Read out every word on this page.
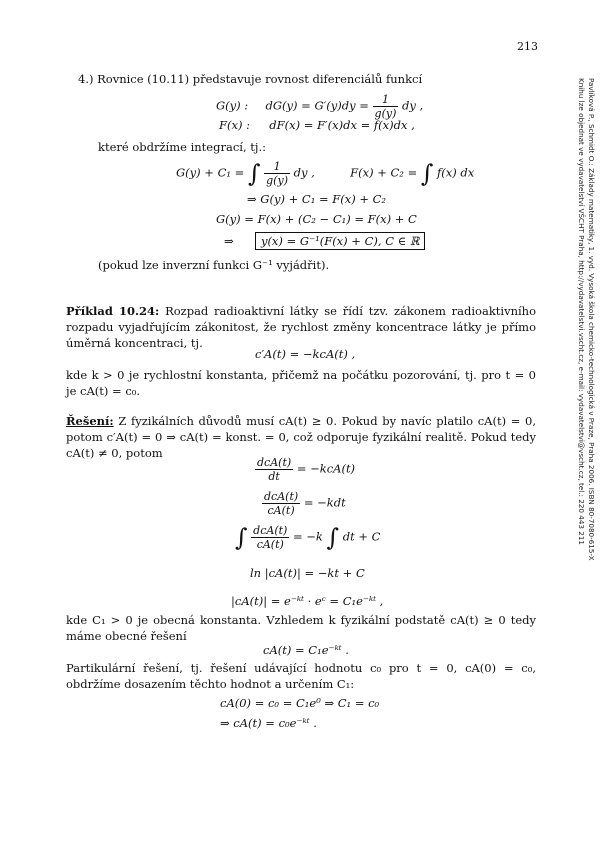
213
Pavlíková P., Schmidt O.: Základy matematiky, 1. vyd. Vysoká škola chemicko-technologická v Praze, Praha 2006. ISBN 80-7080-615-X
Knihu lze objednat ve vydavatelství VŠCHT Praha, http://vydavatelstvi.vscht.cz, e-mail: vydavatelstvi@vscht.cz, tel.: 220 443 211
4.) Rovnice (10.11) představuje rovnost diferenciálů funkcí
G(y) : $dG(y) = G'(y)dy = \frac{1}{g(y)}$ dy ,
F(x) : dF(x) = F′(x)dx = f(x)dx ,
které obdržíme integrací, tj.:
G(y) + C₁ = ∫ $\frac{1}{g(y)}$ dy ,	F(x) + C₂ = ∫ f(x) dx
⇒ G(y) + C₁ = F(x) + C₂
G(y) = F(x) + (C₂ − C₁) = F(x) + C
⇒ y(x) = G⁻¹(F(x) + C), C ∈ ℝ
(pokud lze inverzní funkci G⁻¹ vyjádřit).
Příklad 10.24: Rozpad radioaktivní látky se řídí tzv. zákonem radioaktivního rozpadu vyjadřujícím zákonitost, že rychlost změny koncentrace látky je přímo úměrná koncentraci, tj.
c′A(t) = −kcA(t) ,
kde k > 0 je rychlostní konstanta, přičemž na počátku pozorování, tj. pro t = 0 je cA(t) = c₀.
Řešení: Z fyzikálních důvodů musí cA(t) ≥ 0. Pokud by navíc platilo cA(t) = 0, potom c′A(t) = 0 ⇒ cA(t) = konst. = 0, což odporuje fyzikální realitě. Pokud tedy cA(t) ≠ 0, potom
$\frac{\text{dcA(t)}}{dt} = -kcA(t)$
$\frac{\text{dcA(t)}}{cA(t)} = -kdt$
∫ $\frac{\text{dcA(t)}}{cA(t)} = -k$ ∫ dt + C
ln |cA(t)| = −kt + C
|cA(t)| = e⁻ᵏᵗ · eᶜ = C₁e⁻ᵏᵗ ,
kde C₁ > 0 je obecná konstanta. Vzhledem k fyzikální podstatě cA(t) ≥ 0 tedy máme obecné řešení
cA(t) = C₁e⁻ᵏᵗ .
Partikulární řešení, tj. řešení udávající hodnotu c₀ pro t = 0, cA(0) = c₀, obdržíme dosazením těchto hodnot a určením C₁:
cA(0) = c₀ = C₁e⁰ ⇒ C₁ = c₀
⇒ cA(t) = c₀e⁻ᵏᵗ .
